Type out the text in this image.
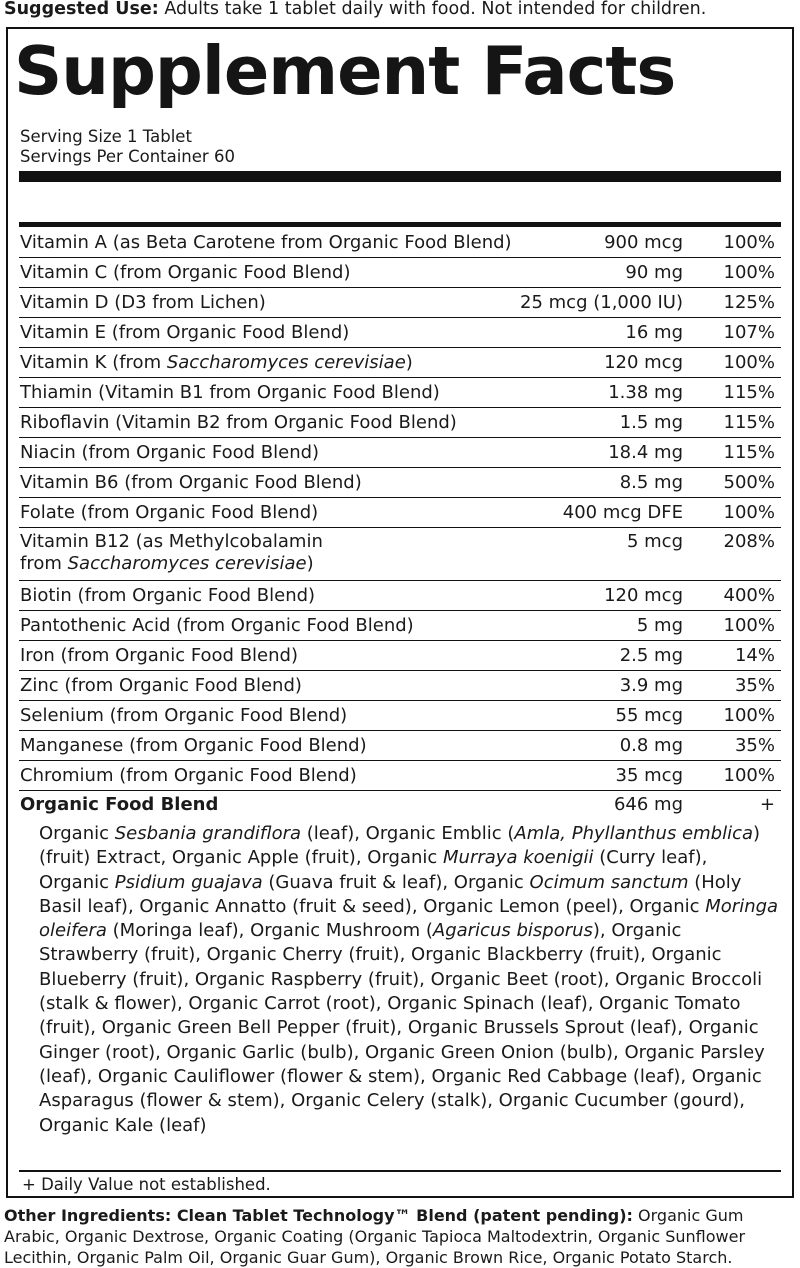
Suggested Use: Adults take 1 tablet daily with food. Not intended for children.
Supplement Facts
Serving Size 1 Tablet
Servings Per Container 60
Vitamin A (as Beta Carotene from Organic Food Blend)	900 mcg 100%
Vitamin C (from Organic Food Blend)	90 mg 100%
Vitamin D (D3 from Lichen)	25 mcg (1,000 IU) 125%
Vitamin E (from Organic Food Blend)	16 mg 107%
Vitamin K (from Saccharomyces cerevisiae)	120 mcg 100%
Thiamin (Vitamin B1 from Organic Food Blend)	1.38 mg 115%
Riboflavin (Vitamin B2 from Organic Food Blend)	1.5 mg 115%
Niacin (from Organic Food Blend)	18.4 mg 115%
Vitamin B6 (from Organic Food Blend)	8.5 mg 500%
Folate (from Organic Food Blend)	400 mcg DFE 100%
Vitamin B12 (as Methylcobalamin
from Saccharomyces cerevisiae)
5 mcg 208%
Biotin (from Organic Food Blend)	120 mcg 400%
Pantothenic Acid (from Organic Food Blend)	5 mg 100%
Iron (from Organic Food Blend)	2.5 mg	14%
Zinc (from Organic Food Blend)	3.9 mg	35%
Selenium (from Organic Food Blend)	55 mcg 100%
Manganese (from Organic Food Blend)	0.8 mg	35%
Chromium (from Organic Food Blend)	35 mcg 100%
Organic Food Blend	646 mg	+
Organic Sesbania grandiflora (leaf), Organic Emblic (Amla, Phyllanthus emblica) (fruit) Extract, Organic Apple (fruit), Organic Murraya koenigii (Curry leaf), Organic Psidium guajava (Guava fruit & leaf), Organic Ocimum sanctum (Holy Basil leaf), Organic Annatto (fruit & seed), Organic Lemon (peel), Organic Moringa oleifera (Moringa leaf), Organic Mushroom (Agaricus bisporus), Organic Strawberry (fruit), Organic Cherry (fruit), Organic Blackberry (fruit), Organic Blueberry (fruit), Organic Raspberry (fruit), Organic Beet (root), Organic Broccoli (stalk & flower), Organic Carrot (root), Organic Spinach (leaf), Organic Tomato (fruit), Organic Green Bell Pepper (fruit), Organic Brussels Sprout (leaf), Organic Ginger (root), Organic Garlic (bulb), Organic Green Onion (bulb), Organic Parsley (leaf), Organic Cauliflower (flower & stem), Organic Red Cabbage (leaf), Organic Asparagus (flower & stem), Organic Celery (stalk), Organic Cucumber (gourd), Organic Kale (leaf)
+ Daily Value not established.
Other Ingredients: Clean Tablet Technology™ Blend (patent pending): Organic Gum Arabic, Organic Dextrose, Organic Coating (Organic Tapioca Maltodextrin, Organic Sunflower Lecithin, Organic Palm Oil, Organic Guar Gum), Organic Brown Rice, Organic Potato Starch.
